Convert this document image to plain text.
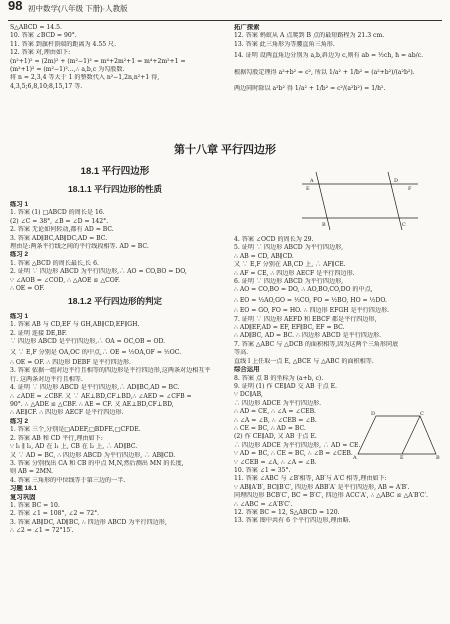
98 初中数学(八年级 下册)·人教版
S△ABCD = 14.5.
10. 答案 ∠BCD = 90°.
11. 答案 到旗杆顶端的距离为 4.55 尺.
12. 答案 对,理由如下:
(n²+1)² = (2m)² + (m²−1)² = m⁴+2m²+1 = m⁴+2m²+1 =
(m²+1)² = (m²−1)²...,∴ a,b,c 为勾股数.
将 n = 2,3,4 等大于 1 的整数代入 n²−1,2n,n²+1 得,
4,3,5;6,8,10;8,15,17 等.
拓广探索
12. 答案 蚂蚁从 A 点爬到 B 点的最短路程为 21.3 cm.
13. 答案 此三角形为等腰直角三角形.
14. 证明 设两直角边分别为 a,b,斜边为 c,则有 ab = ½ch, h = ab/c.
根据勾股定理得 a²+b² = c², 所以 1/a² + 1/b² = (a²+b²)/(a²b²).
两边同时除以 a²b² 得 1/a² + 1/b² = c²/(a²b²) = 1/h².
第十八章 平行四边形
18.1 平行四边形
18.1.1 平行四边形的性质
练习 1
1. 答案 (1) □ABCD 的周长是 16.
(2) ∠C = 38°, ∠B = ∠D = 142°.
2. 答案 无论如何转动,都有 AD = BC.
3. 答案 AD∥BC,AB∥DC,AD = BC.
理由是:两条平行线之间的平行线段相等. AD = BC.
练习 2
1. 答案 △BCD 的周长最长,长 6.
2. 证明 ∵ 四边形 ABCD 为平行四边形,∴ AO = CO,BO = DO,
∵ ∠AOB = ∠COD, ∴ △AOE ≌ △COF.
∴ OE = OF.
18.1.2 平行四边形的判定
练习 1
1. 答案 AB 与 CD,EF 与 GH,AB∥CD,EF∥GH.
2. 证明 连接 DE,BF.
∵ 四边形 ABCD 是平行四边形,∴ OA = OC,OB = OD.
又 ∵ E,F 分别是 OA,OC 的中点,∴ OE = ½OA,OF = ½OC.
∴ OE = OF. ∴ 四边形 DEBF 是平行四边形.
3. 答案 依据一组对边平行且相等的四边形是平行四边形,这两条对边相互平
行. 这两条对边平行且相等.
4. 证明 ∵ 四边形 ABCD 是平行四边形,∴ AD∥BC,AD = BC.
∴ ∠ADE = ∠CBF. 又 ∵ AE⊥BD,CF⊥BD,∴ ∠AED = ∠CFB =
90°. ∴ △ADE ≌ △CBF. ∴ AE = CF. 又 AE⊥BD,CF⊥BD,
∴ AE∥CF. ∴ 四边形 AECF 是平行四边形.
练习 2
1. 答案 三个,分别是□ADEF,□BDFE,□CFDE.
2. 答案 AB 和 CD 平行,理由如下:
∵ l₁ ∥ l₂, AD 在 l₁ 上, CB 在 l₂ 上, ∴ AD∥BC.
又 ∵ AD = BC, ∴ 四边形 ABCD 为平行四边形, ∴ AB∥CD.
3. 答案 分别找出 CA 和 CB 的中点 M,N,然后测出 MN 的长度,
则 AB = 2MN.
4. 答案 三角形的中位线等于第三边的一半.
习题 18.1
复习巩固
1. 答案 BC = 10.
2. 答案 ∠1 = 108°, ∠2 = 72°.
3. 答案 AB∥DC, AD∥BC, ∴ 四边形 ABCD 为平行四边形,
∴ ∠2 = ∠1 = 72°15′.
A
B	C
D
E	F
4. 答案 ∠OCD 的周长为 29.
5. 证明 ∵ 四边形 ABCD 为平行四边形,
∴ AB = CD, AB∥CD.
又 ∵ E,F 分别在 AB,CD 上, ∴ AF∥CE.
∴ AF = CE, ∴ 四边形 AECF 是平行四边形.
6. 证明 ∵ 四边形 ABCD 为平行四边形,
∴ AO = CO,BO = DO, ∴ AO,BO,CO,DO 的中点,
∴ EO = ½AO,GO = ½CO, FO = ½BO, HO = ½DO.
∴ EO = GO, FO = HO. ∴ 四边形 EFGH 是平行四边形.
7. 证明 ∵ 四边形 AEFD 和 EBCF 都是平行四边形,
∴ AD∥EF,AD = EF, EF∥BC, EF = BC.
∴ AD∥BC, AD = BC. ∴ 四边形 ABCD 是平行四边形.
7. 答案 △ABC 与 △DCB 的面积相等,因为这两个三角形同底
等高.
直线 l 上任取一点 E, △BCE 与 △ABC 的面积相等.
综合运用
8. 答案 点 B 的坐标为 (a+b, c).
9. 证明 (1) 作 CE∥AD 交 AB 于点 E.
∵ DC∥AB,
∴ 四边形 ADCE 为平行四边形.
∴ AD = CE, ∴ ∠A = ∠CEB.
∴ ∠A = ∠B, ∴ ∠CEB = ∠B.
∴ CE = BC, ∴ AD = BC.
(2) 作 CE∥AD, 又 AB 于点 E.
∴ 四边形 ADCE 为平行四边形, ∴ AD = CE.
∵ AD = BC, ∴ CE = BC, ∴ ∠B = ∠CEB.
∵ ∠CEB = ∠A, ∴ ∠A = ∠B.
10. 答案 ∠1 = 35°.
11. 答案 ∠ABC 与 ∠B′相等, AB′与 A′C 相等,理由如下:
∵ AB∥A′B′, BC∥B′C′, 四边形 ABB′A′ 是平行四边形, AB = A′B′.
同理四边形 BCB′C′, BC = B′C′, 四边形 ACC′A′, ∴ △ABC ≌ △A′B′C′.
∴ ∠ABC = ∠A′B′C′.
12. 答案 BC = 12, S△ABCD = 120.
13. 答案 图中共有 6 个平行四边形,理由略.
A	B
C
D
E
